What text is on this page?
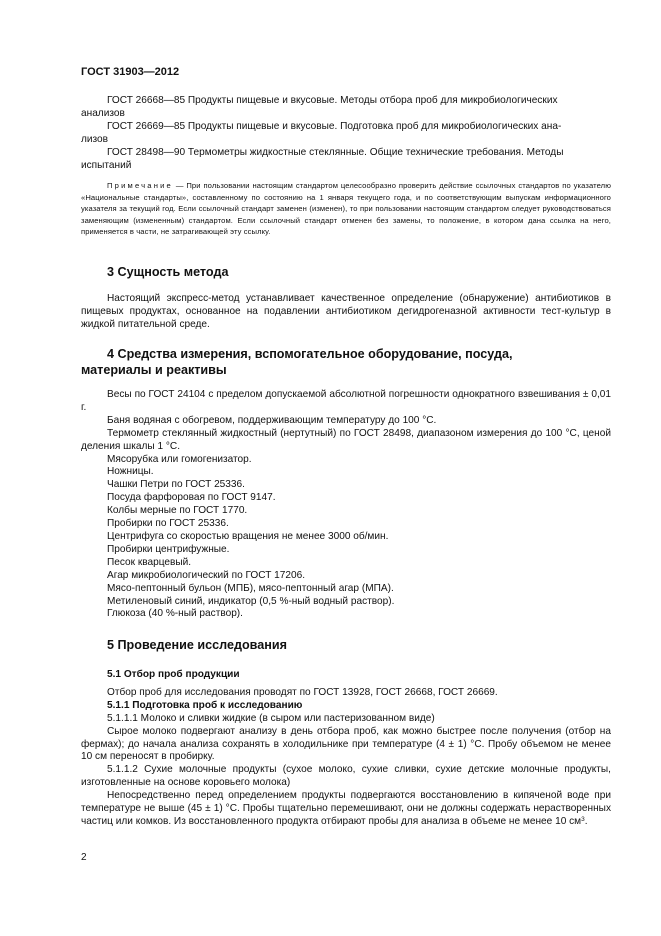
ГОСТ 31903—2012

ГОСТ 26668—85 Продукты пищевые и вкусовые. Методы отбора проб для микробиологических

анализов

ГОСТ 26669—85 Продукты пищевые и вкусовые. Подготовка проб для микробиологических ана-

лизов

ГОСТ 28498—90 Термометры жидкостные стеклянные. Общие технические требования. Методы

испытаний

Примечание — При пользовании настоящим стандартом целесообразно проверить действие ссылочных стандартов по указателю «Национальные стандарты», составленному по состоянию на 1 января текущего года, и по соответствующим выпускам информационного указателя за текущий год. Если ссылочный стандарт заменен (изменен), то при пользовании настоящим стандартом следует руководствоваться заменяющим (измененным) стандартом. Если ссылочный стандарт отменен без замены, то положение, в котором дана ссылка на него, применяется в части, не затрагивающей эту ссылку.

3 Сущность метода

Настоящий экспресс-метод устанавливает качественное определение (обнаружение) антибиотиков в пищевых продуктах, основанное на подавлении антибиотиком дегидрогеназной активности тест-культур в жидкой питательной среде.

4 Средства измерения, вспомогательное оборудование, посуда,
материалы и реактивы

Весы по ГОСТ 24104 с пределом допускаемой абсолютной погрешности однократного взвешивания ± 0,01 г.

Баня водяная с обогревом, поддерживающим температуру до 100 °С.

Термометр стеклянный жидкостный (нертутный) по ГОСТ 28498, диапазоном измерения до 100 °С, ценой деления шкалы 1 °С.

Мясорубка или гомогенизатор.

Ножницы.

Чашки Петри по ГОСТ 25336.

Посуда фарфоровая по ГОСТ 9147.

Колбы мерные по ГОСТ 1770.

Пробирки по ГОСТ 25336.

Центрифуга со скоростью вращения не менее 3000 об/мин.

Пробирки центрифужные.

Песок кварцевый.

Агар микробиологический по ГОСТ 17206.

Мясо-пептонный бульон (МПБ), мясо-пептонный агар (МПА).

Метиленовый синий, индикатор (0,5 %-ный водный раствор).

Глюкоза (40 %-ный раствор).

5 Проведение исследования

5.1 Отбор проб продукции

Отбор проб для исследования проводят по ГОСТ 13928, ГОСТ 26668, ГОСТ 26669.

5.1.1 Подготовка проб к исследованию

5.1.1.1 Молоко и сливки жидкие (в сыром или пастеризованном виде)

Сырое молоко подвергают анализу в день отбора проб, как можно быстрее после получения (отбор на фермах); до начала анализа сохранять в холодильнике при температуре (4 ± 1) °С. Пробу объемом не менее 10 см переносят в пробирку.

5.1.1.2 Сухие молочные продукты (сухое молоко, сухие сливки, сухие детские молочные продукты, изготовленные на основе коровьего молока)

Непосредственно перед определением продукты подвергаются восстановлению в кипяченой воде при температуре не выше (45 ± 1) °С. Пробы тщательно перемешивают, они не должны содержать нерастворенных частиц или комков. Из восстановленного продукта отбирают пробы для анализа в объеме не менее 10 $см^3$.

2
